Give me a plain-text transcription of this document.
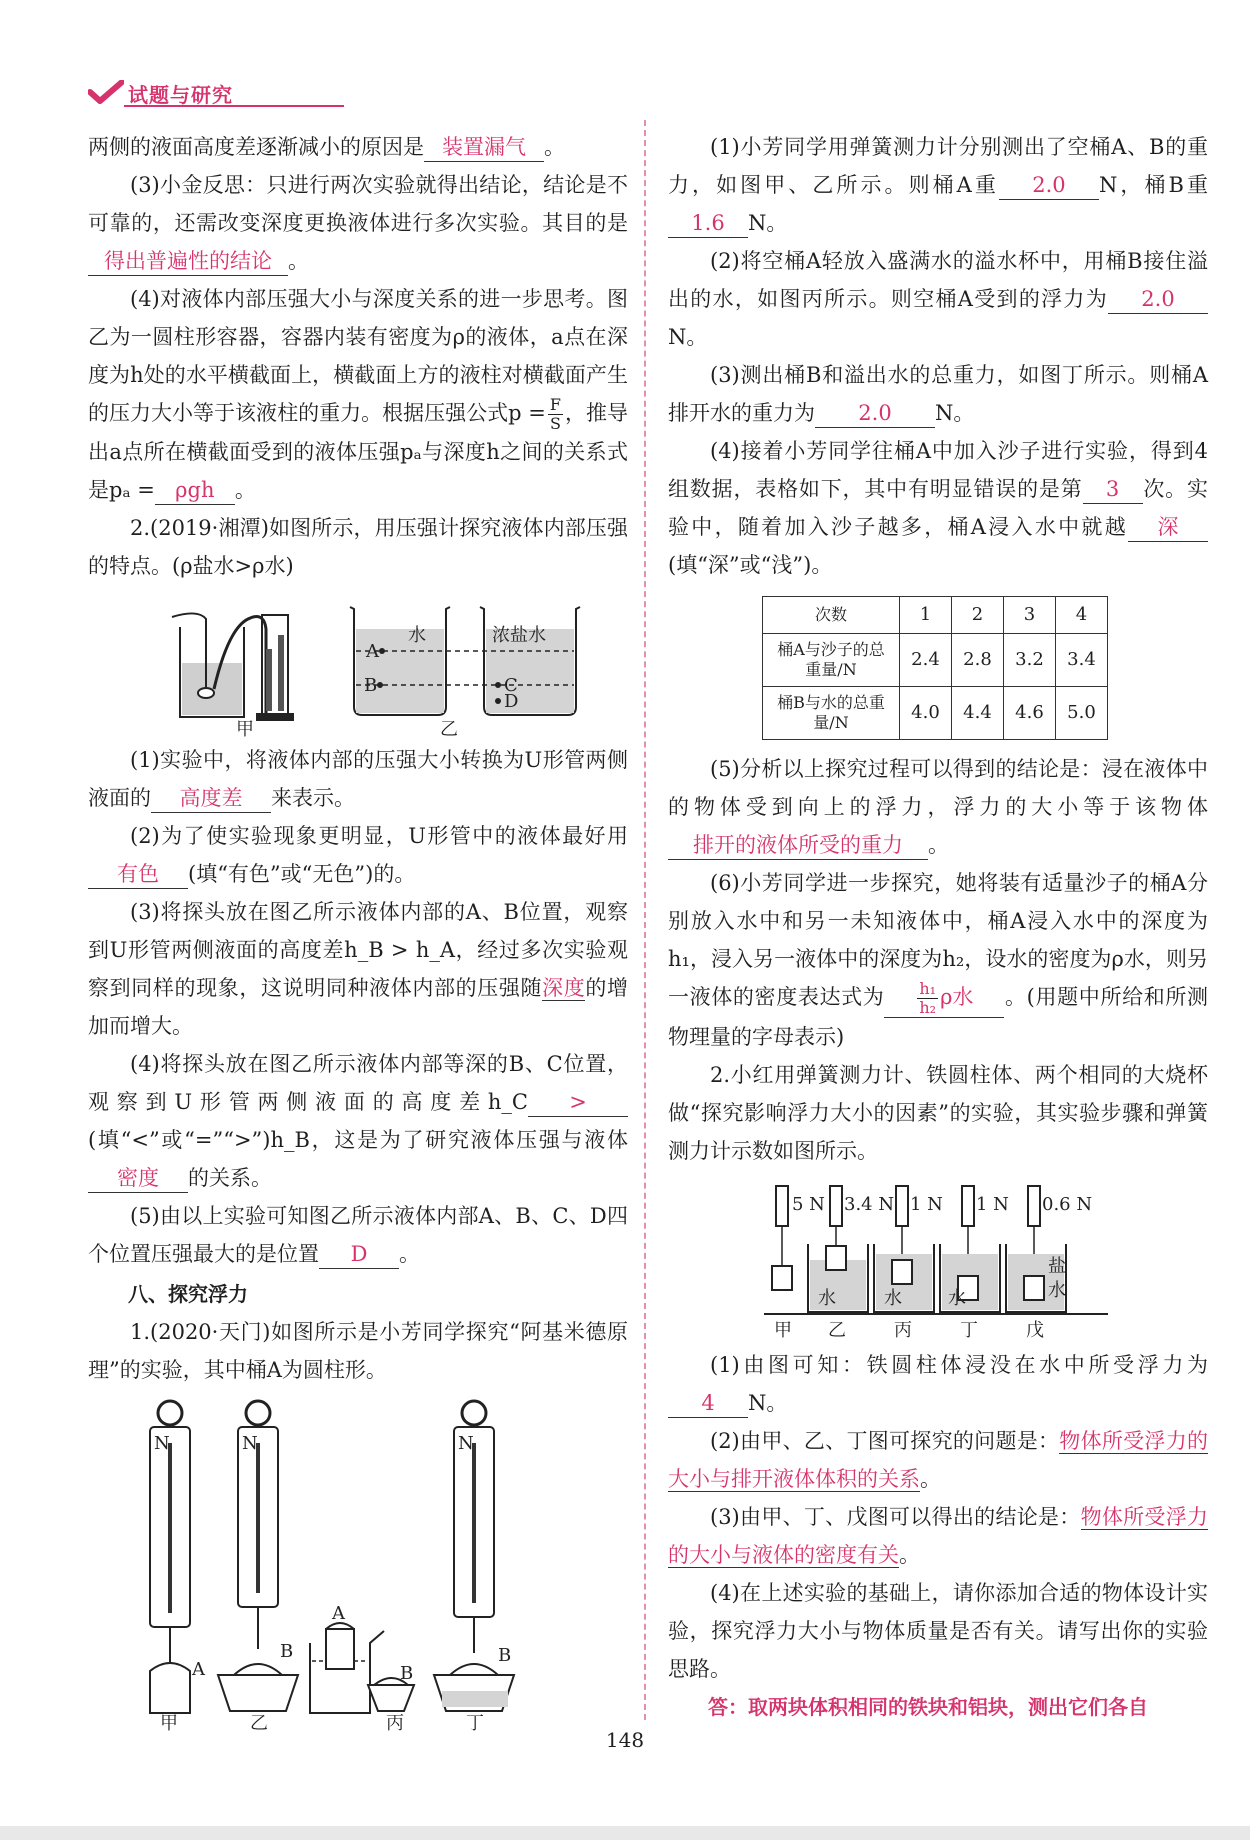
试题与研究

两侧的液面高度差逐渐减小的原因是 装置漏气 。

(3)小金反思：只进行两次实验就得出结论，结论是不可靠的，还需改变深度更换液体进行多次实验。其目的是得出普遍性的结论 。

(4)对液体内部压强大小与深度关系的进一步思考。图乙为一圆柱形容器，容器内装有密度为ρ的液体，a点在深度为h处的水平横截面上，横截面上方的液柱对横截面产生的压力大小等于该液柱的重力。根据压强公式$p = \frac{F}{S}$ ，推导出a点所在横截面受到的液体压强pₐ与深度h之间的关系式是pₐ = ρgh 。

2.(2019·湘潭)如图所示，用压强计探究液体内部压强的特点。(ρ盐水>ρ水)

A
B
水	浓盐水
C
D
甲	乙

(1)实验中，将液体内部的压强大小转换为U形管两侧液面的 高度差 来表示。

(2)为了使实验现象更明显，U形管中的液体最好用有色 (填“有色”或“无色”)的。

(3)将探头放在图乙所示液体内部的A、B位置，观察到U形管两侧液面的高度差h_B > h_A，经过多次实验观察到同样的现象，这说明同种液体内部的压强随深度的增加而增大。

(4)将探头放在图乙所示液体内部等深的B、C位置，观察到U形管两侧液面的高度差h_C >(填“<”或“=”“>”)h_B，这是为了研究液体压强与液体密度 的关系。

(5)由以上实验可知图乙所示液体内部A、B、C、D四个位置压强最大的是位置 D 。

八、探究浮力

1.(2020·天门)如图所示是小芳同学探究“阿基米德原理”的实验，其中桶A为圆柱形。

N	N	N
A
B
A
B
B
甲	乙	丙	丁

(1)小芳同学用弹簧测力计分别测出了空桶A、B的重力，如图甲、乙所示。则桶A重 2.0 N，桶B重1.6 N。

(2)将空桶A轻放入盛满水的溢水杯中，用桶B接住溢出的水，如图丙所示。则空桶A受到的浮力为 2.0N。

(3)测出桶B和溢出水的总重力，如图丁所示。则桶A排开水的重力为 2.0 N。

(4)接着小芳同学往桶A中加入沙子进行实验，得到4组数据，表格如下，其中有明显错误的是第 3 次。实验中，随着加入沙子越多，桶A浸入水中就越 深(填“深”或“浅”)。

次数	1	2	3	4
桶A与沙子的总重量/N	2.4	2.8	3.2	3.4
桶B与水的总重量/N	4.0	4.4	4.6	5.0

(5)分析以上探究过程可以得到的结论是：浸在液体中的物体受到向上的浮力，浮力的大小等于该物体排开的液体所受的重力 。

(6)小芳同学进一步探究，她将装有适量沙子的桶A分别放入水中和另一未知液体中，桶A浸入水中的深度为h₁，浸入另一液体中的深度为h₂，设水的密度为ρ水，则另一液体的密度表达式为 $\frac{\text{h₁}}{\text{h₂}}$ ρ水 。(用题中所给和所测物理量的字母表示)

2.小红用弹簧测力计、铁圆柱体、两个相同的大烧杯做“探究影响浮力大小的因素”的实验，其实验步骤和弹簧测力计示数如图所示。

5 N 3.4 N 1 N 1 N 0.6 N
水	水	水
盐
水
甲 乙	丙	丁	戊

(1)由图可知：铁圆柱体浸没在水中所受浮力为4 N。

(2)由甲、乙、丁图可探究的问题是：物体所受浮力的大小与排开液体体积的关系。

(3)由甲、丁、戊图可以得出的结论是：物体所受浮力的大小与液体的密度有关。

(4)在上述实验的基础上，请你添加合适的物体设计实验，探究浮力大小与物体质量是否有关。请写出你的实验思路。

答：取两块体积相同的铁块和铝块，测出它们各自

148
